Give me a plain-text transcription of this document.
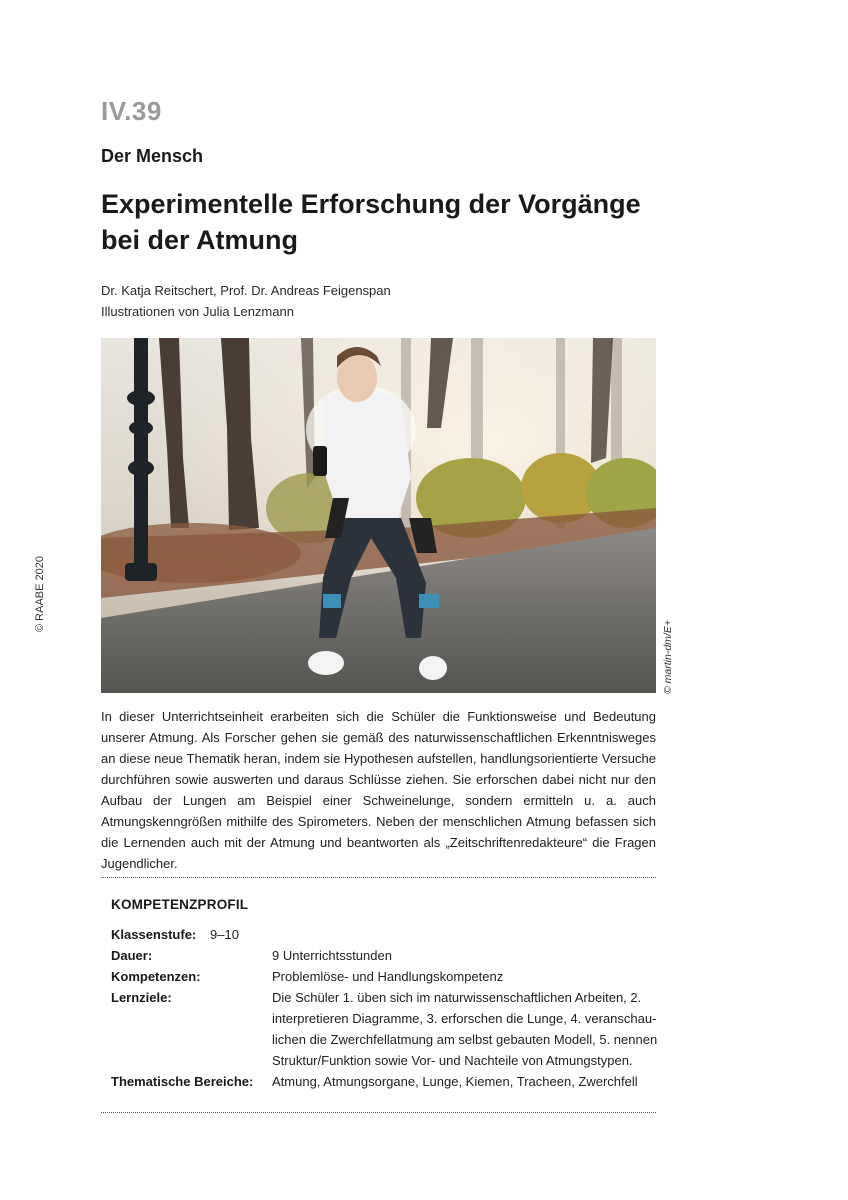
IV.39
Der Mensch
Experimentelle Erforschung der Vorgänge
bei der Atmung
Dr. Katja Reitschert, Prof. Dr. Andreas Feigenspan
Illustrationen von Julia Lenzmann
© RAABE 2020
© martin-dm/E+

In dieser Unterrichtseinheit erarbeiten sich die Schüler die Funktionsweise und Bedeutung unserer Atmung. Als Forscher gehen sie gemäß des naturwissenschaftlichen Erkenntnisweges an diese neue Thematik heran, indem sie Hypothesen aufstellen, handlungsorientierte Versuche durchführen sowie auswerten und daraus Schlüsse ziehen. Sie erforschen dabei nicht nur den Aufbau der Lungen am Beispiel einer Schweinelunge, sondern ermitteln u. a. auch Atmungskenngrößen mithilfe des Spirometers. Neben der menschlichen Atmung befassen sich die Lernenden auch mit der Atmung und beantworten als „Zeitschriftenredakteure“ die Fragen Jugendlicher.

KOMPETENZPROFIL
Klassenstufe: 9–10
Dauer:	9 Unterrichtsstunden
Kompetenzen:	Problemlöse- und Handlungskompetenz
Lernziele:	Die Schüler 1. üben sich im naturwissenschaftlichen Arbeiten, 2.
interpretieren Diagramme, 3. erforschen die Lunge, 4. veranschau-
lichen die Zwerchfellatmung am selbst gebauten Modell, 5. nennen
Struktur/Funktion sowie Vor- und Nachteile von Atmungstypen.
Thematische Bereiche: Atmung, Atmungsorgane, Lunge, Kiemen, Tracheen, Zwerchfell
